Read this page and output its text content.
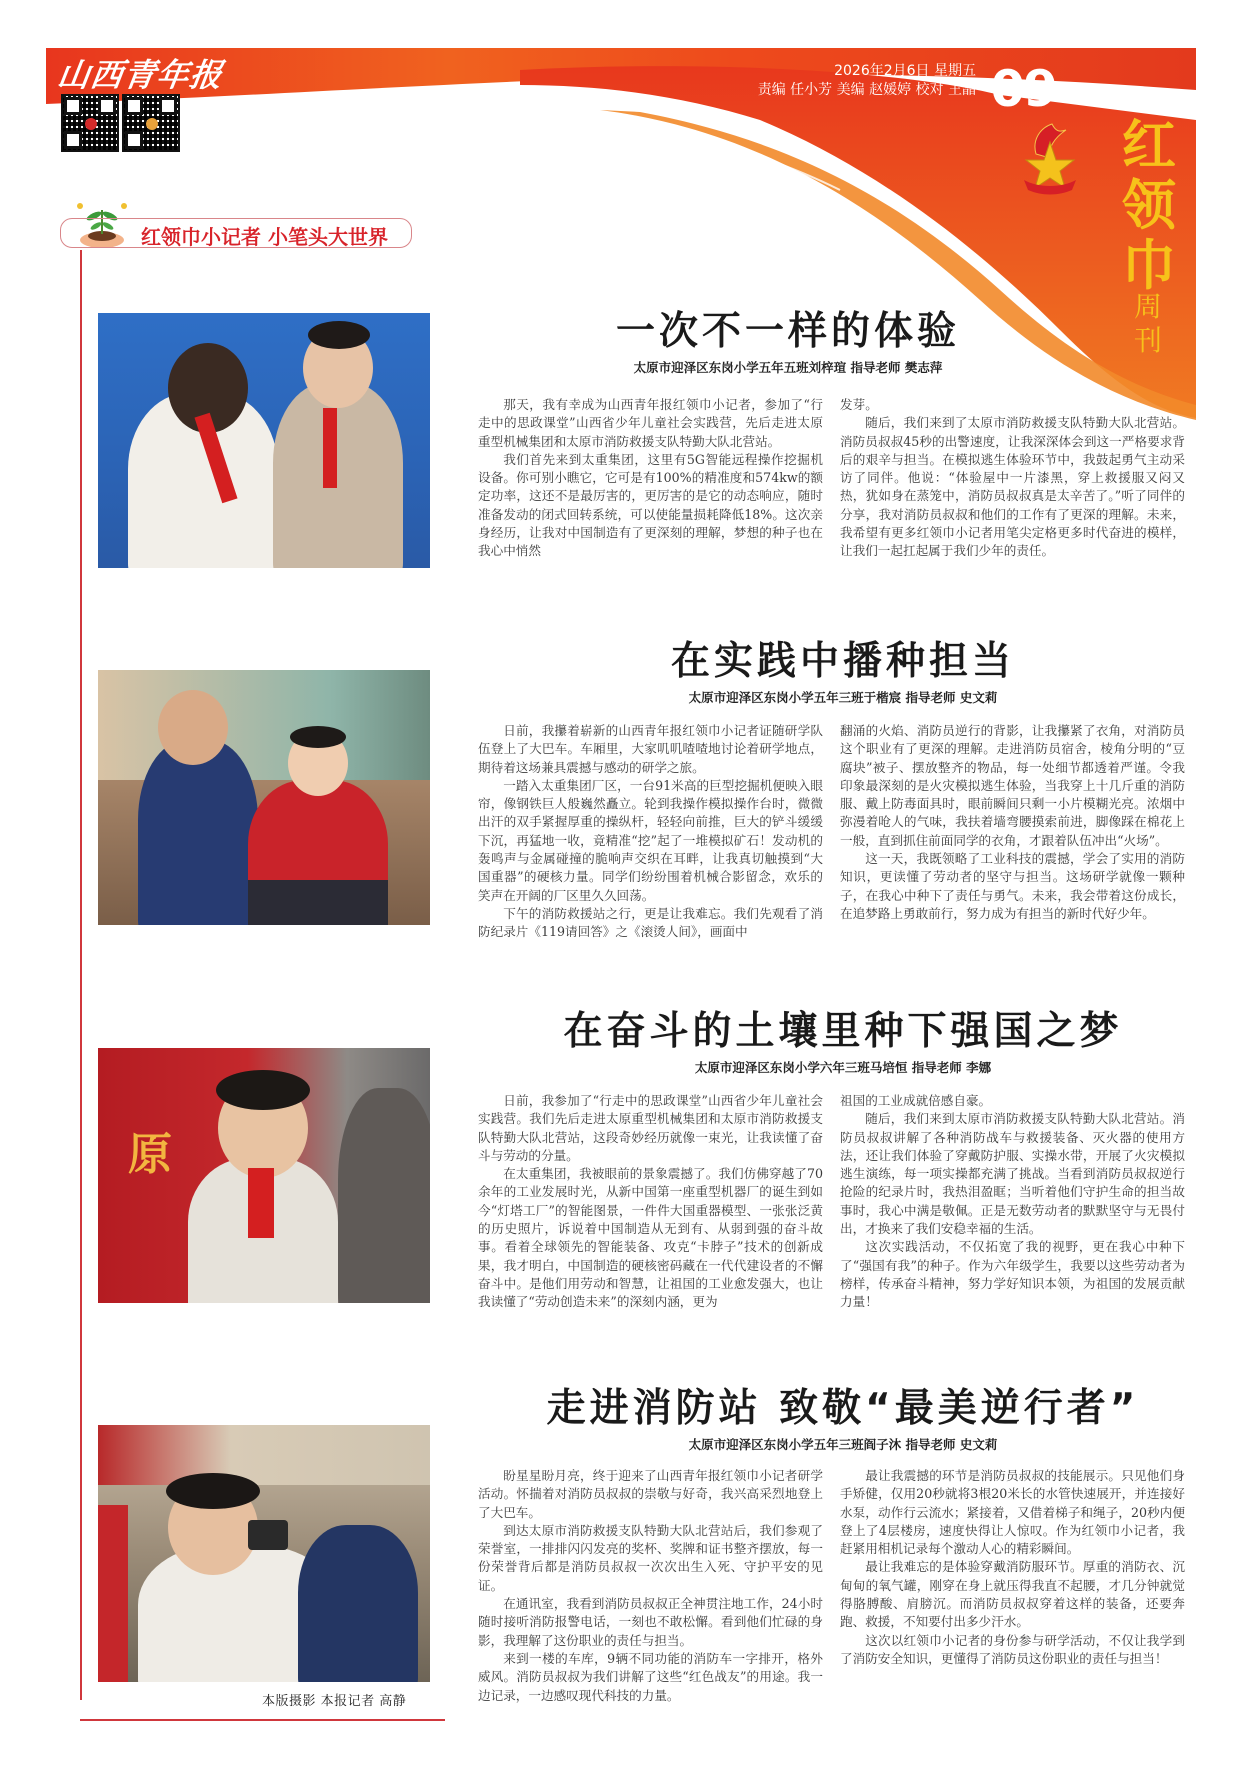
山西青年报	2026年2月6日 星期五
责编 任小芳 美编 赵媛婷 校对 王晶 09
红
领
巾
周
刊
红领巾小记者 小笔头大世界
原
本版摄影 本报记者 高静
一次不一样的体验
太原市迎泽区东岗小学五年五班刘梓瑄 指导老师 樊志萍

那天，我有幸成为山西青年报红领巾小记者，参加了“行走中的思政课堂”山西省少年儿童社会实践营，先后走进太原重型机械集团和太原市消防救援支队特勤大队北营站。

我们首先来到太重集团，这里有5G智能远程操作挖掘机设备。你可别小瞧它，它可是有100%的精准度和574kw的额定功率，这还不是最厉害的，更厉害的是它的动态响应，随时准备发动的闭式回转系统，可以使能量损耗降低18%。这次亲身经历，让我对中国制造有了更深刻的理解，梦想的种子也在我心中悄然

发芽。

随后，我们来到了太原市消防救援支队特勤大队北营站。消防员叔叔45秒的出警速度，让我深深体会到这一严格要求背后的艰辛与担当。在模拟逃生体验环节中，我鼓起勇气主动采访了同伴。他说：“体验屋中一片漆黑，穿上救援服又闷又热，犹如身在蒸笼中，消防员叔叔真是太辛苦了。”听了同伴的分享，我对消防员叔叔和他们的工作有了更深的理解。未来，我希望有更多红领巾小记者用笔尖定格更多时代奋进的模样，让我们一起扛起属于我们少年的责任。

在实践中播种担当
太原市迎泽区东岗小学五年三班于楷宸 指导老师 史文莉

日前，我攥着崭新的山西青年报红领巾小记者证随研学队伍登上了大巴车。车厢里，大家叽叽喳喳地讨论着研学地点，期待着这场兼具震撼与感动的研学之旅。

一踏入太重集团厂区，一台91米高的巨型挖掘机便映入眼帘，像钢铁巨人般巍然矗立。轮到我操作模拟操作台时，微微出汗的双手紧握厚重的操纵杆，轻轻向前推，巨大的铲斗缓缓下沉，再猛地一收，竟精准“挖”起了一堆模拟矿石！发动机的轰鸣声与金属碰撞的脆响声交织在耳畔，让我真切触摸到“大国重器”的硬核力量。同学们纷纷围着机械合影留念，欢乐的笑声在开阔的厂区里久久回荡。

下午的消防救援站之行，更是让我难忘。我们先观看了消防纪录片《119请回答》之《滚烫人间》，画面中

翻涌的火焰、消防员逆行的背影，让我攥紧了衣角，对消防员这个职业有了更深的理解。走进消防员宿舍，棱角分明的“豆腐块”被子、摆放整齐的物品，每一处细节都透着严谨。令我印象最深刻的是火灾模拟逃生体验，当我穿上十几斤重的消防服、戴上防毒面具时，眼前瞬间只剩一小片模糊光亮。浓烟中弥漫着呛人的气味，我扶着墙弯腰摸索前进，脚像踩在棉花上一般，直到抓住前面同学的衣角，才跟着队伍冲出“火场”。

这一天，我既领略了工业科技的震撼，学会了实用的消防知识，更读懂了劳动者的坚守与担当。这场研学就像一颗种子，在我心中种下了责任与勇气。未来，我会带着这份成长，在追梦路上勇敢前行，努力成为有担当的新时代好少年。

在奋斗的土壤里种下强国之梦
太原市迎泽区东岗小学六年三班马培恒 指导老师 李娜

日前，我参加了“行走中的思政课堂”山西省少年儿童社会实践营。我们先后走进太原重型机械集团和太原市消防救援支队特勤大队北营站，这段奇妙经历就像一束光，让我读懂了奋斗与劳动的分量。

在太重集团，我被眼前的景象震撼了。我们仿佛穿越了70余年的工业发展时光，从新中国第一座重型机器厂的诞生到如今“灯塔工厂”的智能图景，一件件大国重器模型、一张张泛黄的历史照片，诉说着中国制造从无到有、从弱到强的奋斗故事。看着全球领先的智能装备、攻克“卡脖子”技术的创新成果，我才明白，中国制造的硬核密码藏在一代代建设者的不懈奋斗中。是他们用劳动和智慧，让祖国的工业愈发强大，也让我读懂了“劳动创造未来”的深刻内涵，更为

祖国的工业成就倍感自豪。

随后，我们来到太原市消防救援支队特勤大队北营站。消防员叔叔讲解了各种消防战车与救援装备、灭火器的使用方法，还让我们体验了穿戴防护服、实操水带，开展了火灾模拟逃生演练，每一项实操都充满了挑战。当看到消防员叔叔逆行抢险的纪录片时，我热泪盈眶；当听着他们守护生命的担当故事时，我心中满是敬佩。正是无数劳动者的默默坚守与无畏付出，才换来了我们安稳幸福的生活。

这次实践活动，不仅拓宽了我的视野，更在我心中种下了“强国有我”的种子。作为六年级学生，我要以这些劳动者为榜样，传承奋斗精神，努力学好知识本领，为祖国的发展贡献力量！

走进消防站 致敬“最美逆行者”
太原市迎泽区东岗小学五年三班阎子沐 指导老师 史文莉

盼星星盼月亮，终于迎来了山西青年报红领巾小记者研学活动。怀揣着对消防员叔叔的崇敬与好奇，我兴高采烈地登上了大巴车。

到达太原市消防救援支队特勤大队北营站后，我们参观了荣誉室，一排排闪闪发亮的奖杯、奖牌和证书整齐摆放，每一份荣誉背后都是消防员叔叔一次次出生入死、守护平安的见证。

在通讯室，我看到消防员叔叔正全神贯注地工作，24小时随时接听消防报警电话，一刻也不敢松懈。看到他们忙碌的身影，我理解了这份职业的责任与担当。

来到一楼的车库，9辆不同功能的消防车一字排开，格外威风。消防员叔叔为我们讲解了这些“红色战友”的用途。我一边记录，一边感叹现代科技的力量。

最让我震撼的环节是消防员叔叔的技能展示。只见他们身手矫健，仅用20秒就将3根20米长的水管快速展开，并连接好水泵，动作行云流水；紧接着，又借着梯子和绳子，20秒内便登上了4层楼房，速度快得让人惊叹。作为红领巾小记者，我赶紧用相机记录每个激动人心的精彩瞬间。

最让我难忘的是体验穿戴消防服环节。厚重的消防衣、沉甸甸的氧气罐，刚穿在身上就压得我直不起腰，才几分钟就觉得胳膊酸、肩膀沉。而消防员叔叔穿着这样的装备，还要奔跑、救援，不知要付出多少汗水。

这次以红领巾小记者的身份参与研学活动，不仅让我学到了消防安全知识，更懂得了消防员这份职业的责任与担当！
